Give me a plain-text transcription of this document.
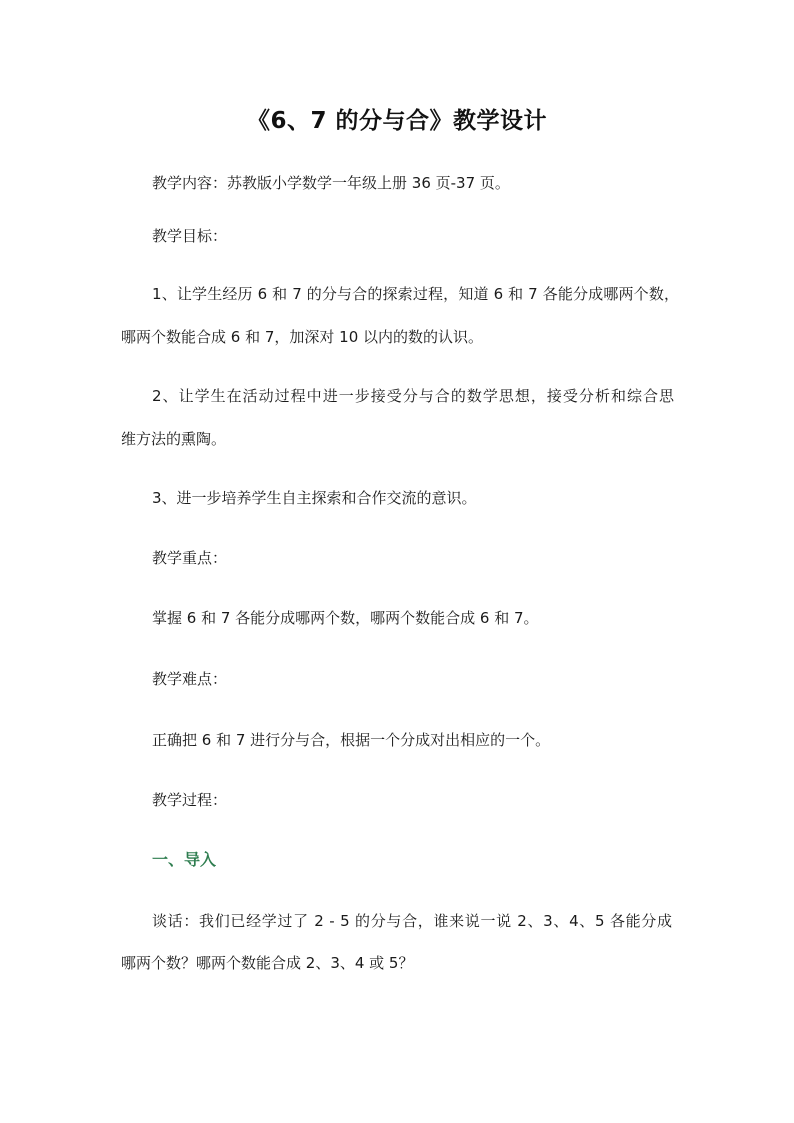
《6、7 的分与合》教学设计
教学内容：苏教版小学数学一年级上册 36 页-37 页。
教学目标：
1、让学生经历 6 和 7 的分与合的探索过程，知道 6 和 7 各能分成哪两个数，
哪两个数能合成 6 和 7，加深对 10 以内的数的认识。
2、让学生在活动过程中进一步接受分与合的数学思想，接受分析和综合思
维方法的熏陶。
3、进一步培养学生自主探索和合作交流的意识。
教学重点：
掌握 6 和 7 各能分成哪两个数，哪两个数能合成 6 和 7。
教学难点：
正确把 6 和 7 进行分与合，根据一个分成对出相应的一个。
教学过程：
一、导入
谈话：我们已经学过了 2 - 5 的分与合，谁来说一说 2、3、4、5 各能分成
哪两个数？哪两个数能合成 2、3、4 或 5？
